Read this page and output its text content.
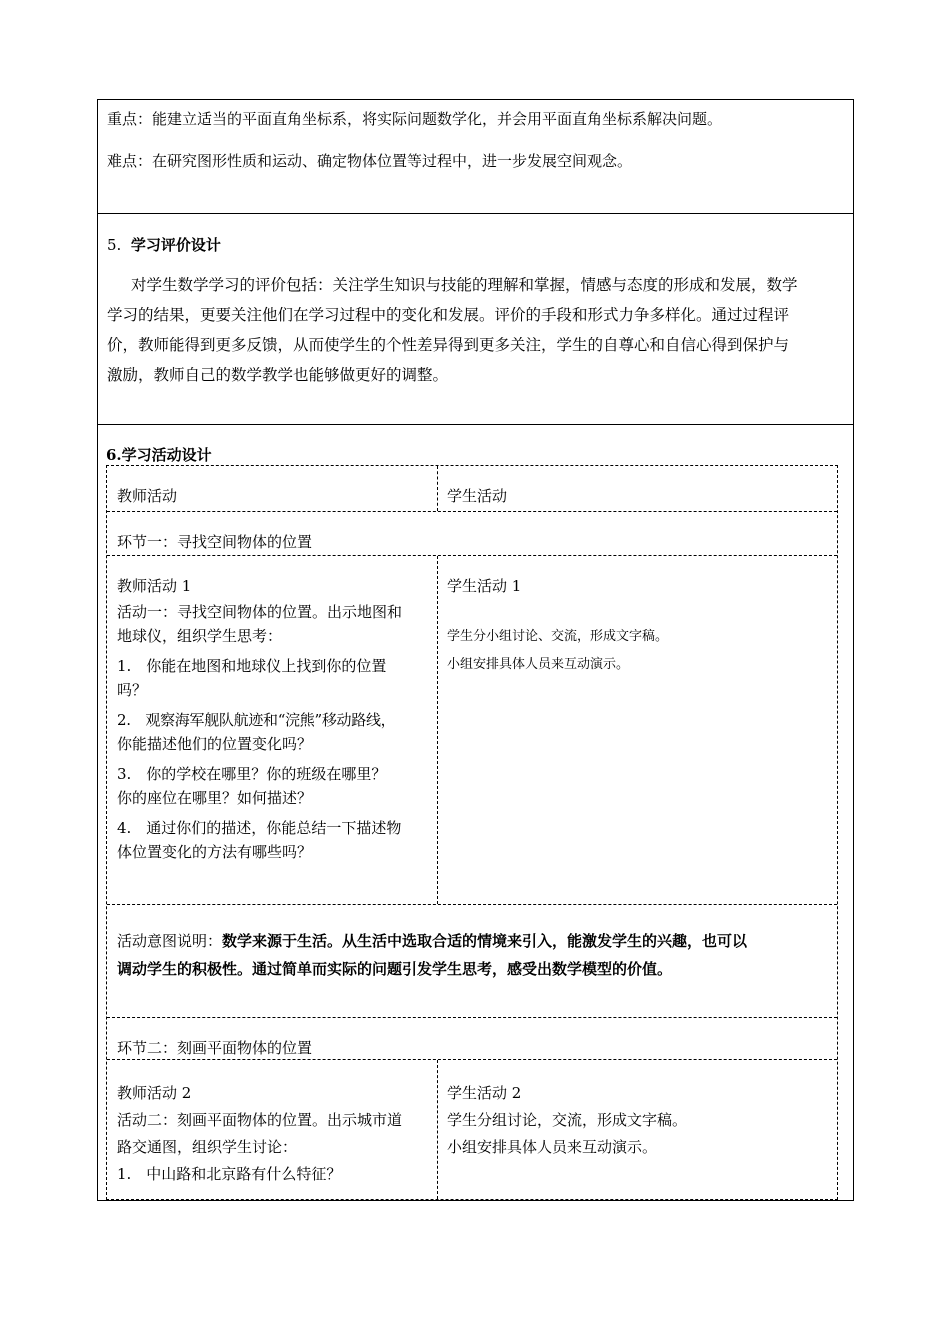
重点：能建立适当的平面直角坐标系，将实际问题数学化，并会用平面直角坐标系解决问题。

难点：在研究图形性质和运动、确定物体位置等过程中，进一步发展空间观念。

5. 学习评价设计

对学生数学学习的评价包括：关注学生知识与技能的理解和掌握，情感与态度的形成和发展，数学

学习的结果，更要关注他们在学习过程中的变化和发展。评价的手段和形式力争多样化。通过过程评

价，教师能得到更多反馈，从而使学生的个性差异得到更多关注，学生的自尊心和自信心得到保护与

激励，教师自己的数学教学也能够做更好的调整。

6.学习活动设计

教师活动	学生活动
环节一：寻找空间物体的位置
教师活动 1
活动一：寻找空间物体的位置。出示地图和
地球仪，组织学生思考：
1.　你能在地图和地球仪上找到你的位置
吗？
2.　观察海军舰队航迹和“浣熊”移动路线，
你能描述他们的位置变化吗？
3.　你的学校在哪里？你的班级在哪里？
你的座位在哪里？如何描述？
4.　通过你们的描述，你能总结一下描述物
体位置变化的方法有哪些吗？
学生活动 1
学生分小组讨论、交流，形成文字稿。
小组安排具体人员来互动演示。
活动意图说明：数学来源于生活。从生活中选取合适的情境来引入，能激发学生的兴趣，也可以
调动学生的积极性。通过简单而实际的问题引发学生思考，感受出数学模型的价值。
环节二：刻画平面物体的位置
教师活动 2
活动二：刻画平面物体的位置。出示城市道
路交通图，组织学生讨论：
1.　中山路和北京路有什么特征？
学生活动 2
学生分组讨论，交流，形成文字稿。
小组安排具体人员来互动演示。
